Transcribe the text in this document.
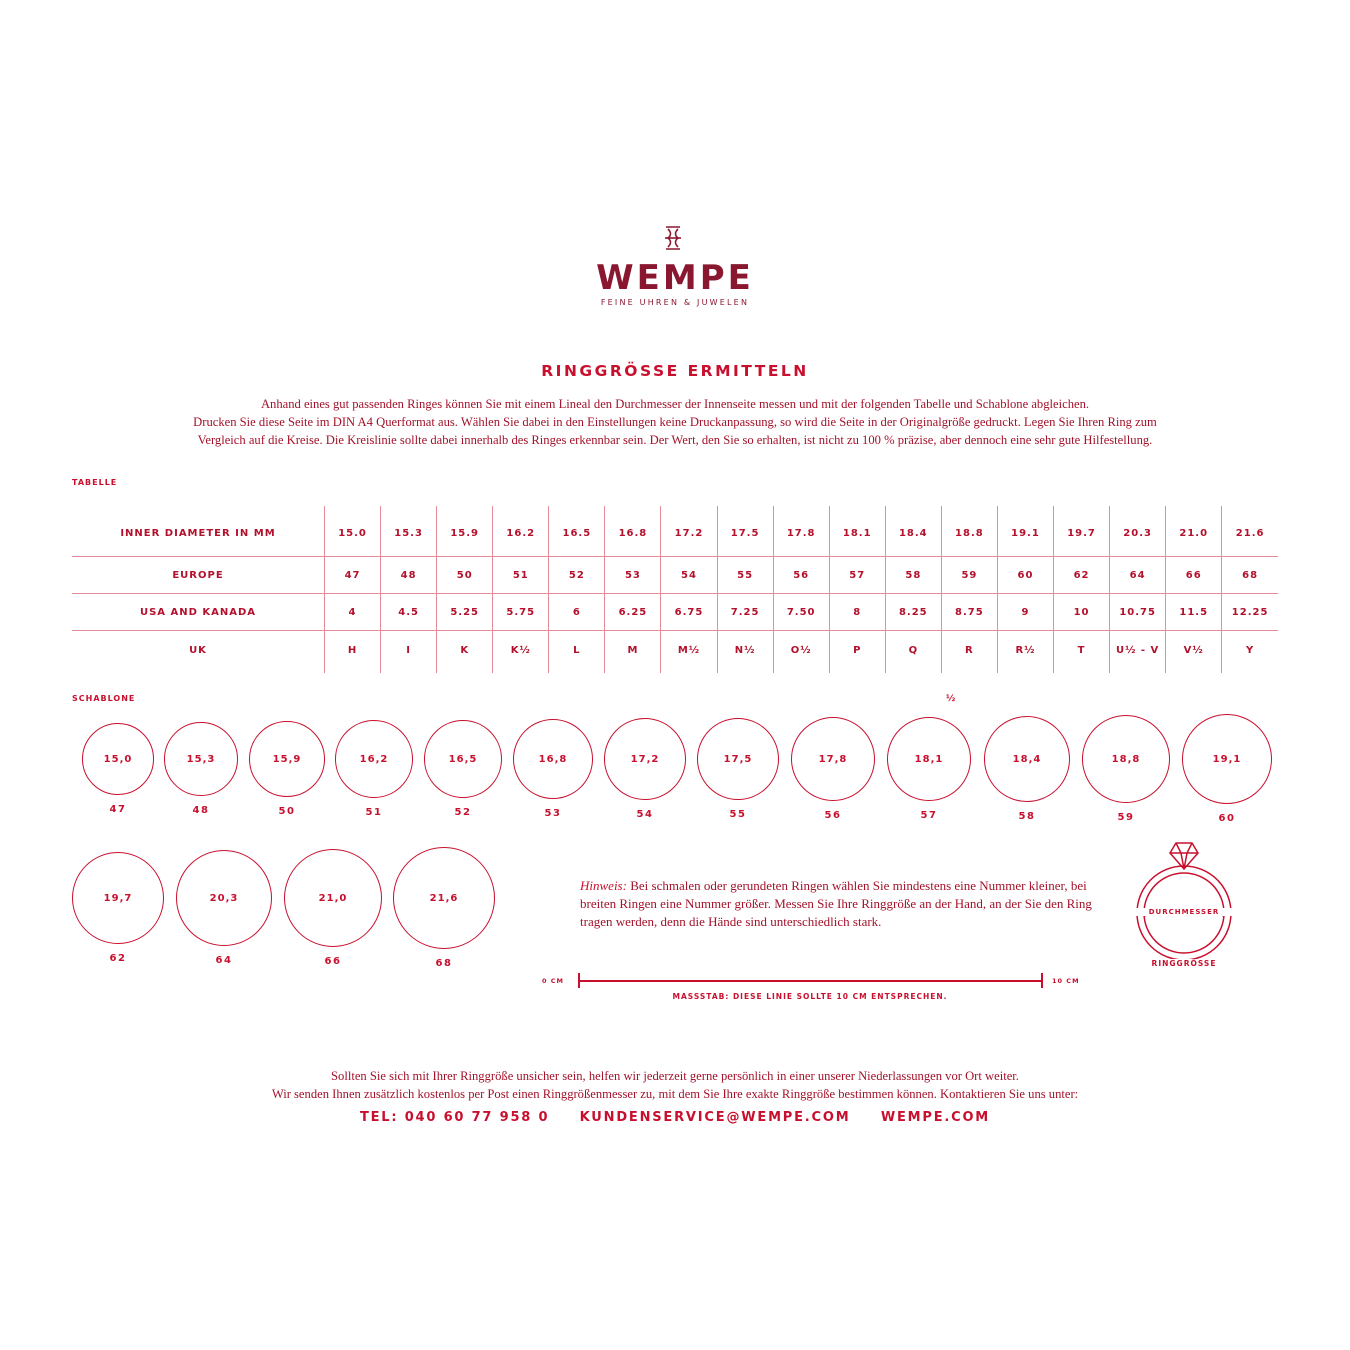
WEMPE
FEINE UHREN & JUWELEN
RINGGRÖSSE ERMITTELN

Anhand eines gut passenden Ringes können Sie mit einem Lineal den Durchmesser der Innenseite messen und mit der folgenden Tabelle und Schablone abgleichen.

Drucken Sie diese Seite im DIN A4 Querformat aus. Wählen Sie dabei in den Einstellungen keine Druckanpassung, so wird die Seite in der Originalgröße gedruckt. Legen Sie Ihren Ring zum

Vergleich auf die Kreise. Die Kreislinie sollte dabei innerhalb des Ringes erkennbar sein. Der Wert, den Sie so erhalten, ist nicht zu 100 % präzise, aber dennoch eine sehr gute Hilfestellung.

TABELLE
INNER DIAMETER IN MM	15.0	15.3	15.9	16.2	16.5	16.8	17.2	17.5	17.8	18.1	18.4	18.8	19.1	19.7	20.3	21.0	21.6
EUROPE	47	48	50	51	52	53	54	55	56	57	58	59	60	62	64	66	68
USA AND KANADA	4	4.5	5.25	5.75	6	6.25	6.75	7.25	7.50	8	8.25	8.75	9	10	10.75	11.5	12.25
UK	H	I	K	K½	L	M	M½	N½	O½	P	Q	R	R½	T	U½ - V	V½	Y
SCHABLONE	½
15,0
47
15,3
48
15,9
50
16,2
51
16,5
52
16,8
53
17,2
54
17,5
55
17,8
56
18,1
57
18,4
58
18,8
59
19,1
60
19,7
62
20,3
64
21,0
66
21,6
68
Hinweis: Bei schmalen oder gerundeten Ringen wählen Sie mindestens eine Nummer kleiner, bei breiten Ringen eine Nummer größer. Messen Sie Ihre Ringgröße an der Hand, an der Sie den Ring tragen werden, denn die Hände sind unterschiedlich stark.
DURCHMESSER
RINGGRÖSSE
0 CM	10 CM
MASSSTAB: DIESE LINIE SOLLTE 10 CM ENTSPRECHEN.

Sollten Sie sich mit Ihrer Ringgröße unsicher sein, helfen wir jederzeit gerne persönlich in einer unserer Niederlassungen vor Ort weiter.

Wir senden Ihnen zusätzlich kostenlos per Post einen Ringgrößenmesser zu, mit dem Sie Ihre exakte Ringgröße bestimmen können. Kontaktieren Sie uns unter:

TEL: 040 60 77 958 0 KUNDENSERVICE@WEMPE.COM WEMPE.COM
